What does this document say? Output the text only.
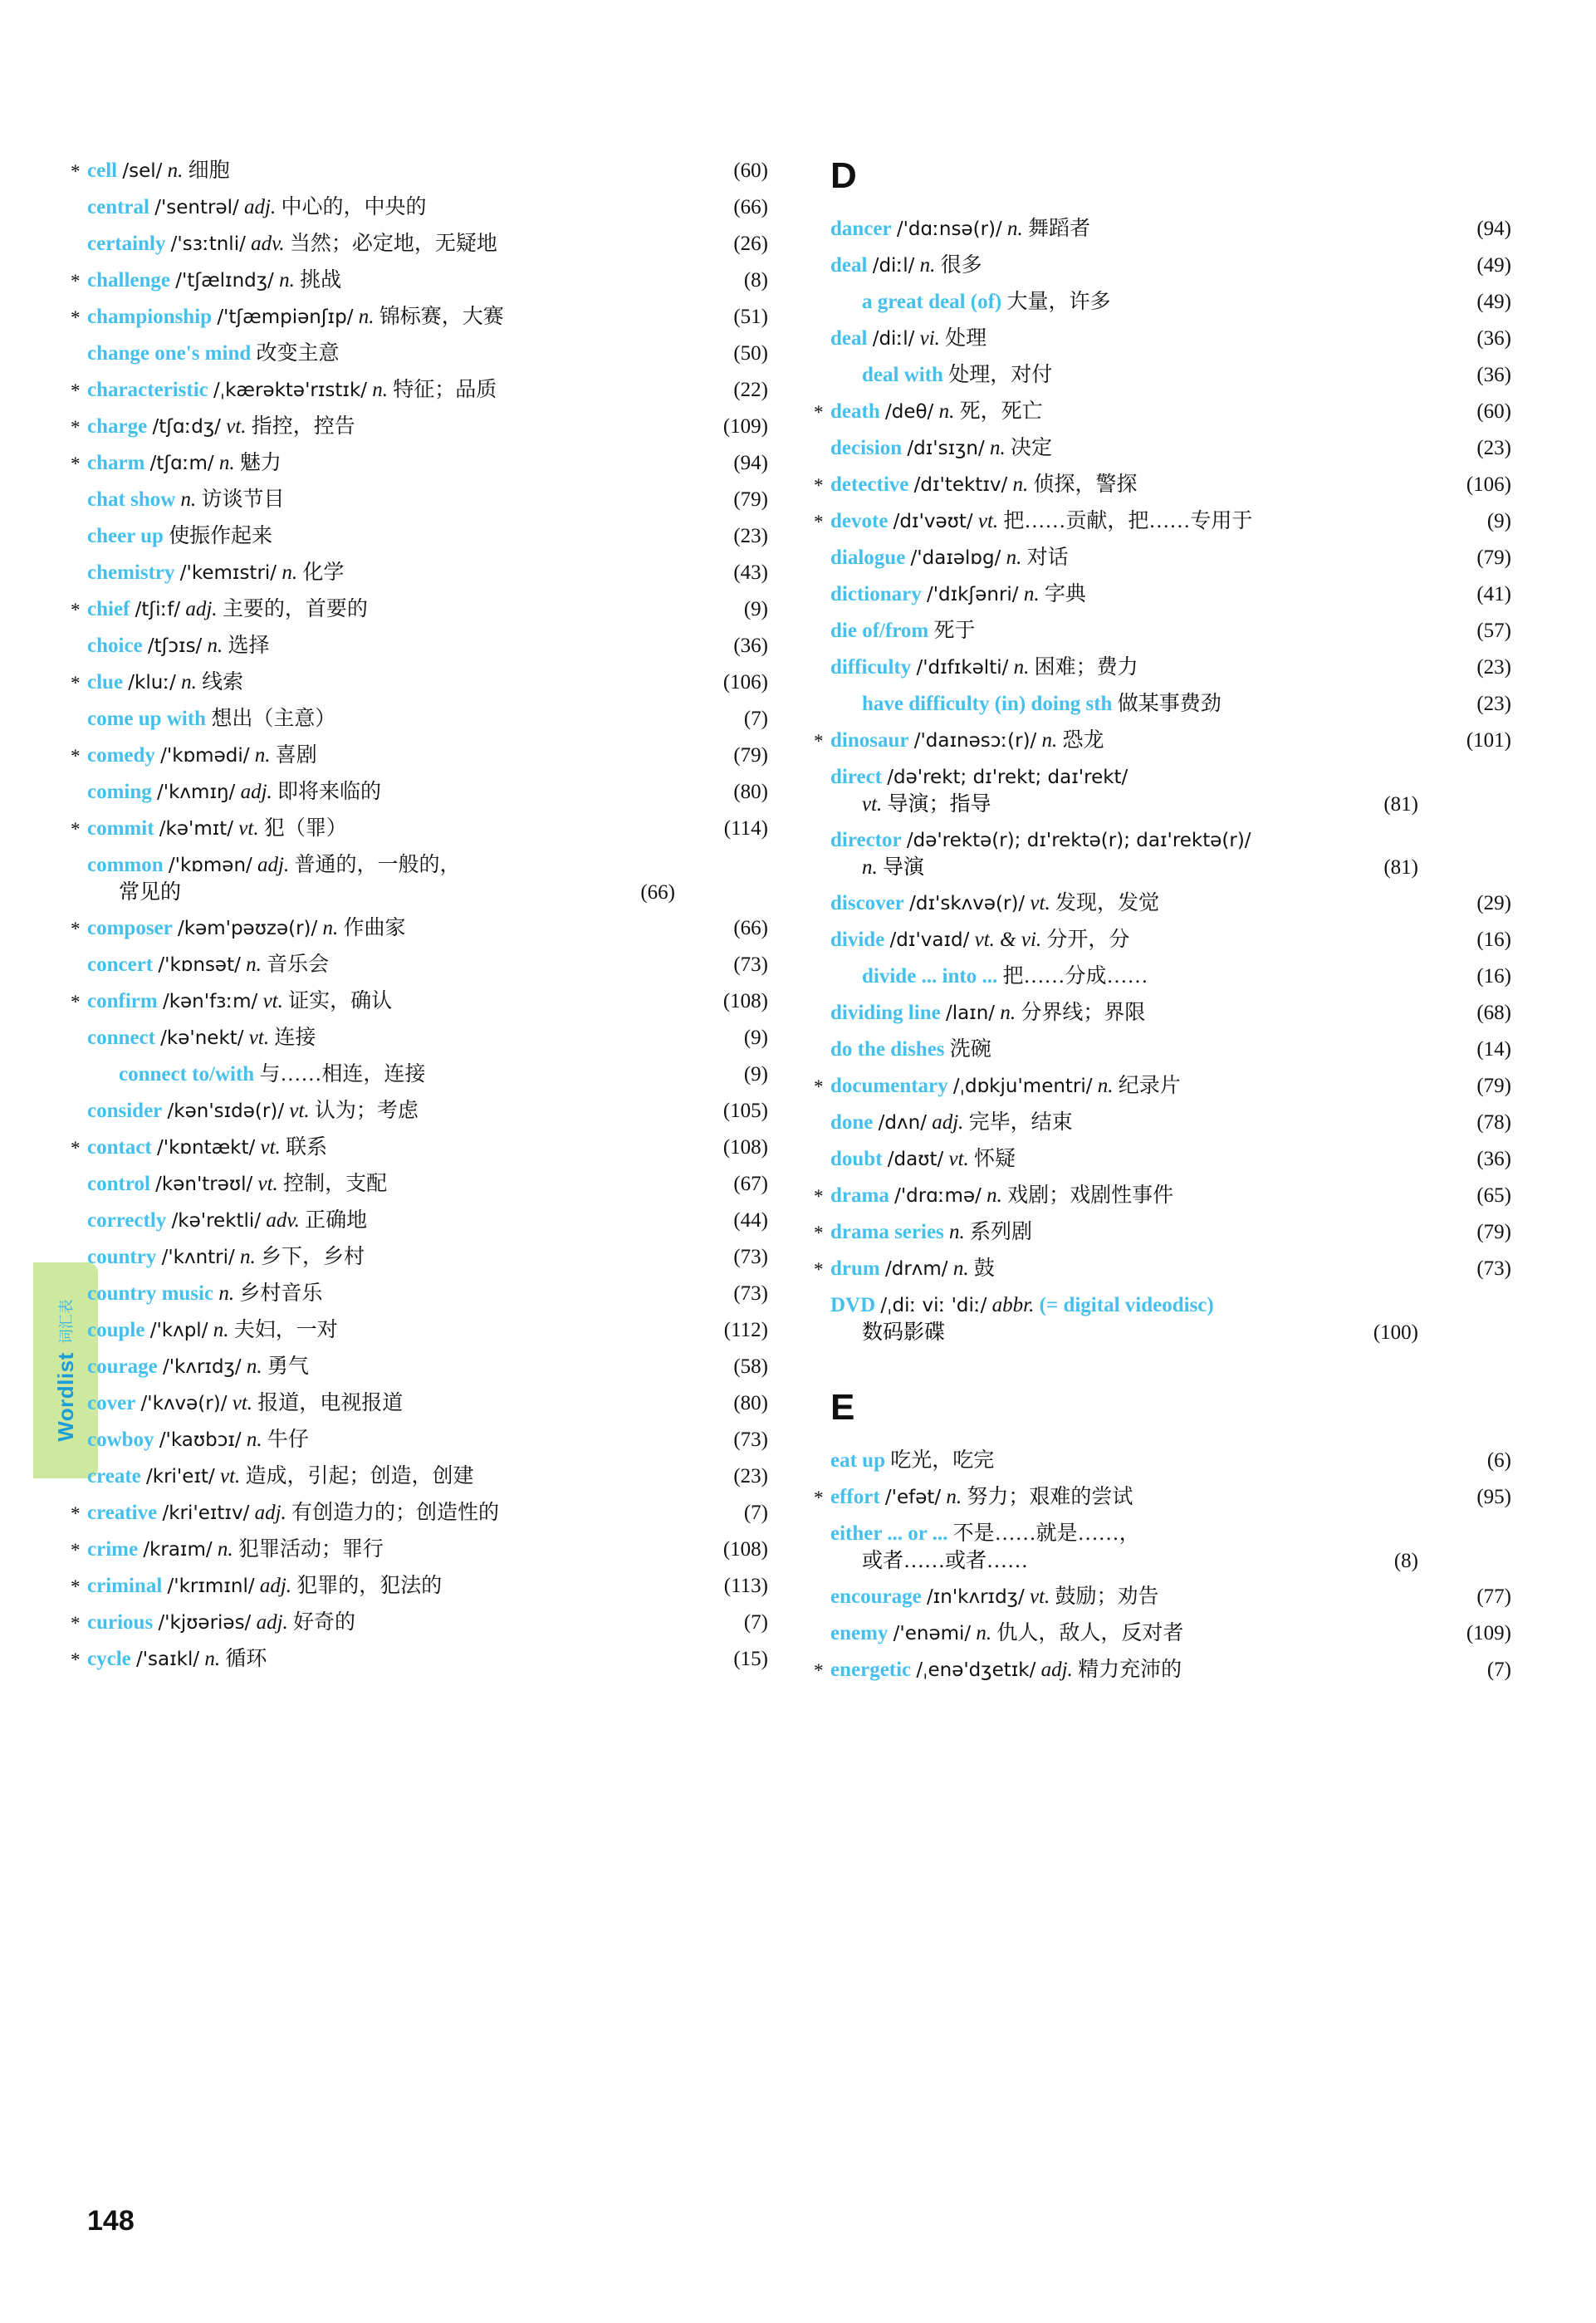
Wordlist
词汇表
* cell /sel/ n. 细胞	(60)
central /'sentrəl/ adj. 中心的，中央的	(66)
certainly /'sɜːtnli/ adv. 当然；必定地，无疑地	(26)
* challenge /'tʃælɪndʒ/ n. 挑战	(8)
* championship /'tʃæmpiənʃɪp/ n. 锦标赛，大赛	(51)
change one's mind 改变主意	(50)
* characteristic /ˌkærəktə'rɪstɪk/ n. 特征；品质	(22)
* charge /tʃɑːdʒ/ vt. 指控，控告	(109)
* charm /tʃɑːm/ n. 魅力	(94)
chat show n. 访谈节目	(79)
cheer up 使振作起来	(23)
chemistry /'kemɪstri/ n. 化学	(43)
* chief /tʃiːf/ adj. 主要的，首要的	(9)
choice /tʃɔɪs/ n. 选择	(36)
* clue /kluː/ n. 线索	(106)
come up with 想出（主意）	(7)
* comedy /'kɒmədi/ n. 喜剧	(79)
coming /'kʌmɪŋ/ adj. 即将来临的	(80)
* commit /kə'mɪt/ vt. 犯（罪）	(114)
common /'kɒmən/ adj. 普通的，一般的，
常见的	(66)
* composer /kəm'pəʊzə(r)/ n. 作曲家	(66)
concert /'kɒnsət/ n. 音乐会	(73)
* confirm /kən'fɜːm/ vt. 证实，确认	(108)
connect /kə'nekt/ vt. 连接	(9)
connect to/with 与……相连，连接	(9)
consider /kən'sɪdə(r)/ vt. 认为；考虑	(105)
* contact /'kɒntækt/ vt. 联系	(108)
control /kən'trəʊl/ vt. 控制，支配	(67)
correctly /kə'rektli/ adv. 正确地	(44)
country /'kʌntri/ n. 乡下，乡村	(73)
country music n. 乡村音乐	(73)
couple /'kʌpl/ n. 夫妇，一对	(112)
courage /'kʌrɪdʒ/ n. 勇气	(58)
cover /'kʌvə(r)/ vt. 报道，电视报道	(80)
cowboy /'kaʊbɔɪ/ n. 牛仔	(73)
create /kri'eɪt/ vt. 造成，引起；创造，创建	(23)
* creative /kri'eɪtɪv/ adj. 有创造力的；创造性的	(7)
* crime /kraɪm/ n. 犯罪活动；罪行	(108)
* criminal /'krɪmɪnl/ adj. 犯罪的，犯法的	(113)
* curious /'kjʊəriəs/ adj. 好奇的	(7)
* cycle /'saɪkl/ n. 循环	(15)
D
dancer /'dɑːnsə(r)/ n. 舞蹈者	(94)
deal /diːl/ n. 很多	(49)
a great deal (of) 大量，许多	(49)
deal /diːl/ vi. 处理	(36)
deal with 处理，对付	(36)
* death /deθ/ n. 死，死亡	(60)
decision /dɪ'sɪʒn/ n. 决定	(23)
* detective /dɪ'tektɪv/ n. 侦探，警探	(106)
* devote /dɪ'vəʊt/ vt. 把……贡献，把……专用于	(9)
dialogue /'daɪəlɒg/ n. 对话	(79)
dictionary /'dɪkʃənri/ n. 字典	(41)
die of/from 死于	(57)
difficulty /'dɪfɪkəlti/ n. 困难；费力	(23)
have difficulty (in) doing sth 做某事费劲	(23)
* dinosaur /'daɪnəsɔː(r)/ n. 恐龙	(101)
direct /də'rekt; dɪ'rekt; daɪ'rekt/
vt. 导演；指导	(81)
director /də'rektə(r); dɪ'rektə(r); daɪ'rektə(r)/
n. 导演	(81)
discover /dɪ'skʌvə(r)/ vt. 发现，发觉	(29)
divide /dɪ'vaɪd/ vt. & vi. 分开，分	(16)
divide ... into ... 把……分成……	(16)
dividing line /laɪn/ n. 分界线；界限	(68)
do the dishes 洗碗	(14)
* documentary /ˌdɒkju'mentri/ n. 纪录片	(79)
done /dʌn/ adj. 完毕，结束	(78)
doubt /daʊt/ vt. 怀疑	(36)
* drama /'drɑːmə/ n. 戏剧；戏剧性事件	(65)
* drama series n. 系列剧	(79)
* drum /drʌm/ n. 鼓	(73)
DVD /ˌdiː viː 'diː/ abbr. (= digital videodisc)
数码影碟	(100)
E
eat up 吃光，吃完	(6)
* effort /'efət/ n. 努力；艰难的尝试	(95)
either ... or ... 不是……就是……，
或者……或者……	(8)
encourage /ɪn'kʌrɪdʒ/ vt. 鼓励；劝告	(77)
enemy /'enəmi/ n. 仇人，敌人，反对者	(109)
* energetic /ˌenə'dʒetɪk/ adj. 精力充沛的	(7)
148
